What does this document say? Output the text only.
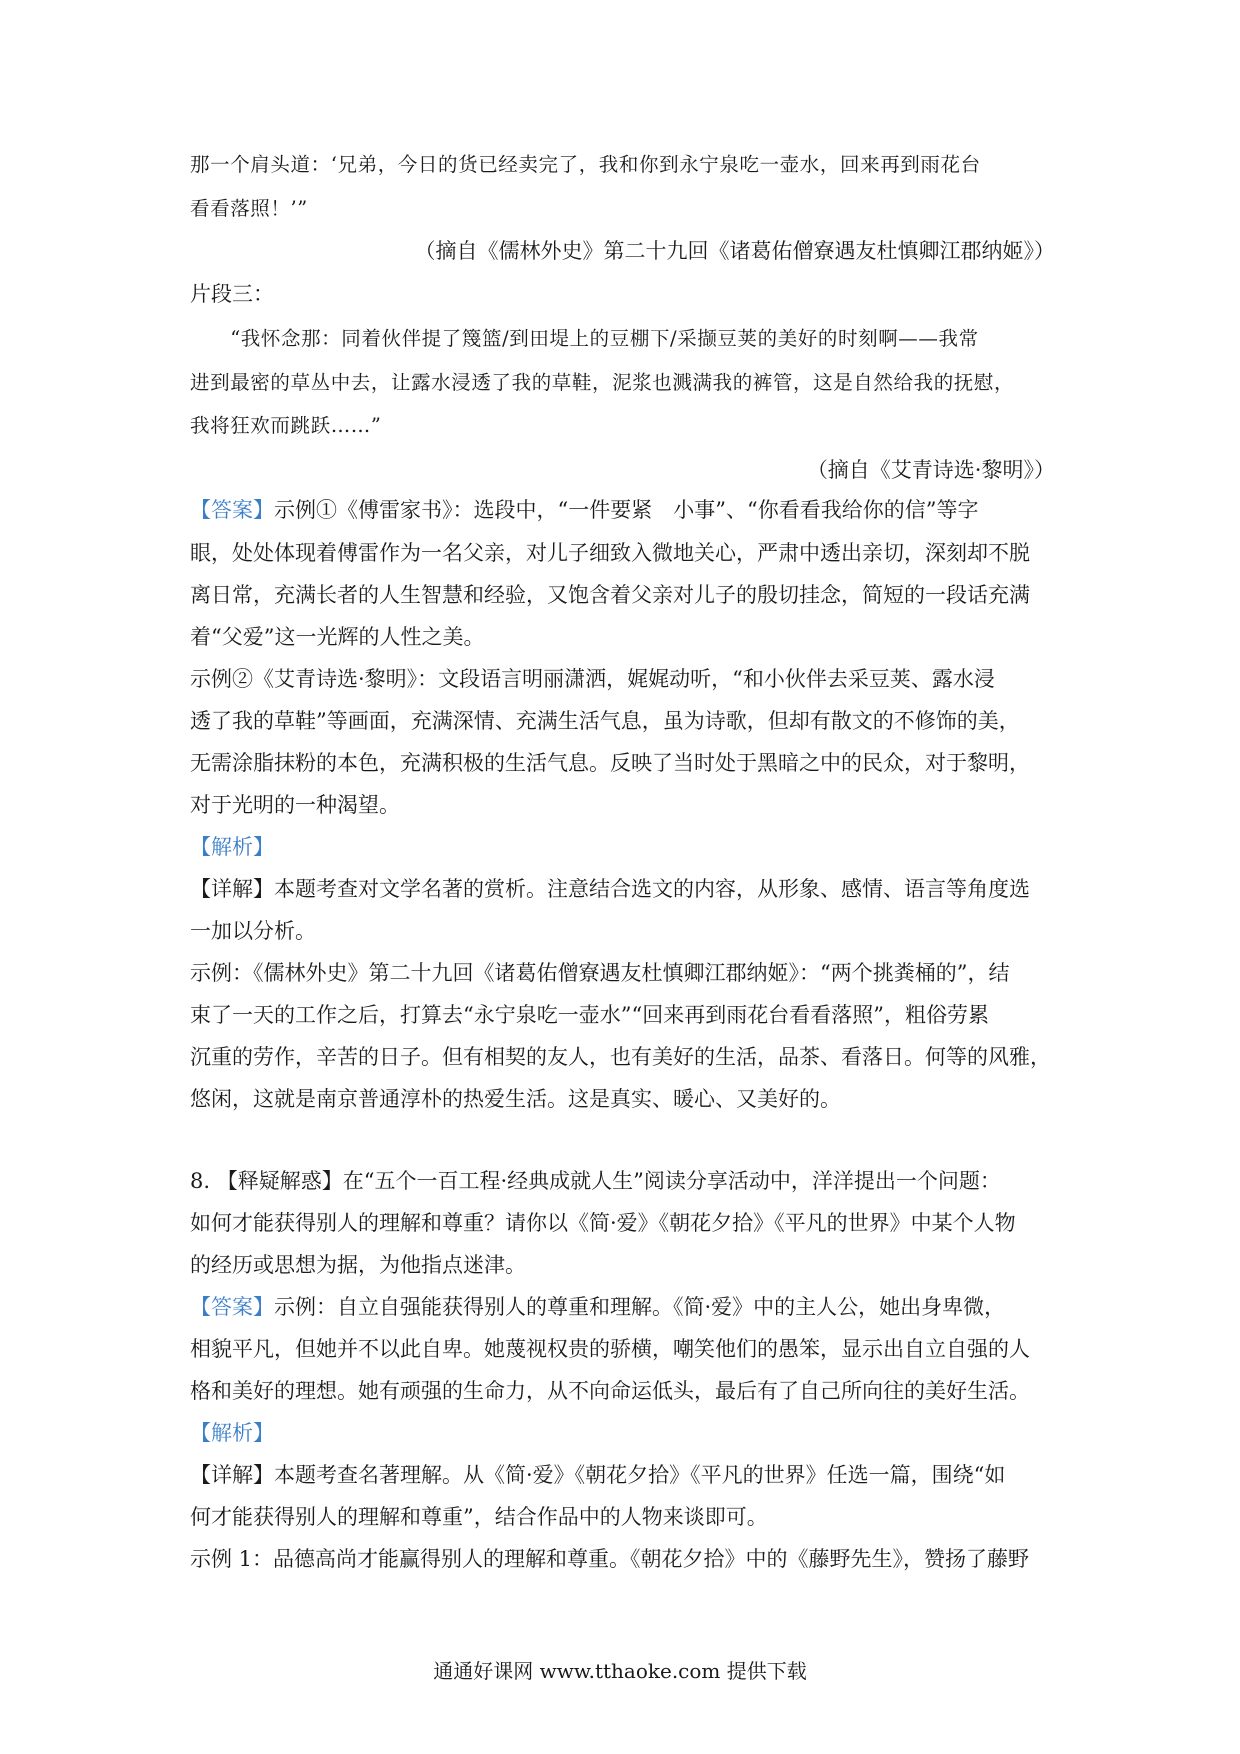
那一个肩头道：‘兄弟，今日的货已经卖完了，我和你到永宁泉吃一壶水，回来再到雨花台
看看落照！’”
（摘自《儒林外史》第二十九回《诸葛佑僧寮遇友杜慎卿江郡纳姬》）
片段三：
　　“我怀念那：同着伙伴提了篾篮/到田堤上的豆棚下/采撷豆荚的美好的时刻啊——我常
进到最密的草丛中去，让露水浸透了我的草鞋，泥浆也溅满我的裤管，这是自然给我的抚慰，
我将狂欢而跳跃……”
（摘自《艾青诗选·黎明》）
【答案】示例①《傅雷家书》：选段中，“一件要紧　小事”、“你看看我给你的信”等字
眼，处处体现着傅雷作为一名父亲，对儿子细致入微地关心，严肃中透出亲切，深刻却不脱
离日常，充满长者的人生智慧和经验，又饱含着父亲对儿子的殷切挂念，简短的一段话充满
着“父爱”这一光辉的人性之美。
示例②《艾青诗选·黎明》：文段语言明丽潇洒，娓娓动听，“和小伙伴去采豆荚、露水浸
透了我的草鞋”等画面，充满深情、充满生活气息，虽为诗歌，但却有散文的不修饰的美，
无需涂脂抹粉的本色，充满积极的生活气息。反映了当时处于黑暗之中的民众，对于黎明，
对于光明的一种渴望。
【解析】
【详解】本题考查对文学名著的赏析。注意结合选文的内容，从形象、感情、语言等角度选
一加以分析。
示例：《儒林外史》第二十九回《诸葛佑僧寮遇友杜慎卿江郡纳姬》：“两个挑粪桶的”，结
束了一天的工作之后，打算去“永宁泉吃一壶水”“回来再到雨花台看看落照”，粗俗劳累
沉重的劳作，辛苦的日子。但有相契的友人，也有美好的生活，品茶、看落日。何等的风雅，
悠闲，这就是南京普通淳朴的热爱生活。这是真实、暖心、又美好的。
8. 【释疑解惑】在“五个一百工程·经典成就人生”阅读分享活动中，洋洋提出一个问题：
如何才能获得别人的理解和尊重？请你以《简·爱》《朝花夕拾》《平凡的世界》中某个人物
的经历或思想为据，为他指点迷津。
【答案】示例：自立自强能获得别人的尊重和理解。《简·爱》中的主人公，她出身卑微，
相貌平凡，但她并不以此自卑。她蔑视权贵的骄横，嘲笑他们的愚笨，显示出自立自强的人
格和美好的理想。她有顽强的生命力，从不向命运低头，最后有了自己所向往的美好生活。
【解析】
【详解】本题考查名著理解。从《简·爱》《朝花夕拾》《平凡的世界》任选一篇，围绕“如
何才能获得别人的理解和尊重”，结合作品中的人物来谈即可。
示例 1：品德高尚才能赢得别人的理解和尊重。《朝花夕拾》中的《藤野先生》，赞扬了藤野
通通好课网 www.tthaoke.com 提供下载
